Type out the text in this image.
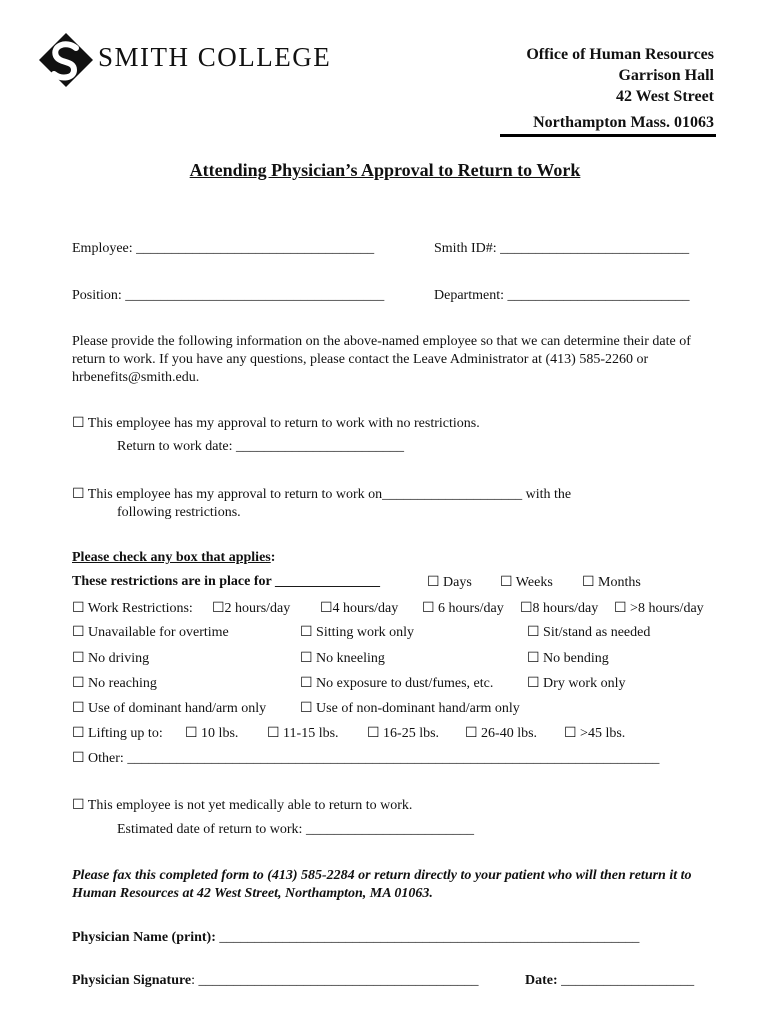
SMITH COLLEGE	Office of Human Resources
Garrison Hall
42 West Street
Northampton Mass. 01063
Attending Physician’s Approval to Return to Work
Employee: __________________________________	Smith ID#: ___________________________
Position: _____________________________________	Department: __________________________
Please provide the following information on the above-named employee so that we can determine their date of return to work. If you have any questions, please contact the Leave Administrator at (413) 585-2260 or hrbenefits@smith.edu.
☐ This employee has my approval to return to work with no restrictions.
Return to work date: ________________________
☐ This employee has my approval to return to work on____________________ with the
following restrictions.
Please check any box that applies:
These restrictions are in place for _______________	☐ Days ☐ Weeks ☐ Months
☐ Work Restrictions: ☐2 hours/day ☐4 hours/day ☐ 6 hours/day ☐8 hours/day ☐ >8 hours/day
☐ Unavailable for overtime	☐ Sitting work only	☐ Sit/stand as needed
☐ No driving	☐ No kneeling	☐ No bending
☐ No reaching	☐ No exposure to dust/fumes, etc. ☐ Dry work only
☐ Use of dominant hand/arm only ☐ Use of non-dominant hand/arm only
☐ Lifting up to: ☐ 10 lbs. ☐ 11-15 lbs. ☐ 16-25 lbs. ☐ 26-40 lbs. ☐ >45 lbs.
☐ Other: ____________________________________________________________________________
☐ This employee is not yet medically able to return to work.
Estimated date of return to work: ________________________
Please fax this completed form to (413) 585-2284 or return directly to your patient who will then return it to Human Resources at 42 West Street, Northampton, MA 01063.
Physician Name (print): ____________________________________________________________
Physician Signature: ________________________________________	Date: ___________________
